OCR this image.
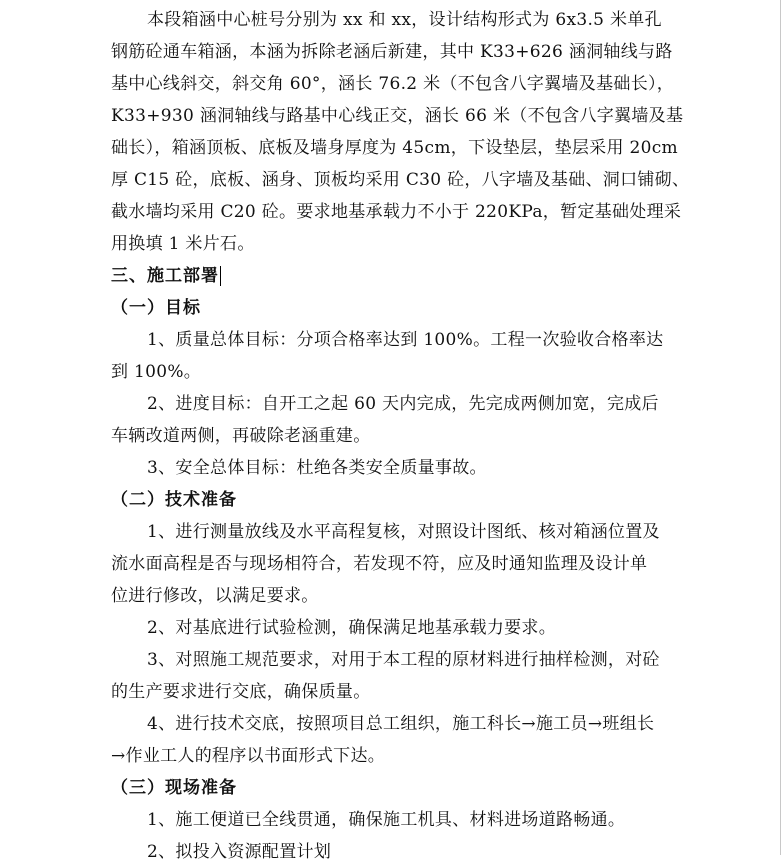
本段箱涵中心桩号分别为 xx 和 xx，设计结构形式为 6x3.5 米单孔
钢筋砼通车箱涵，本涵为拆除老涵后新建，其中 K33+626 涵洞轴线与路
基中心线斜交，斜交角 60°，涵长 76.2 米（不包含八字翼墙及基础长），
K33+930 涵洞轴线与路基中心线正交，涵长 66 米（不包含八字翼墙及基
础长），箱涵顶板、底板及墙身厚度为 45cm，下设垫层，垫层采用 20cm
厚 C15 砼，底板、涵身、顶板均采用 C30 砼，八字墙及基础、洞口铺砌、
截水墙均采用 C20 砼。要求地基承载力不小于 220KPa，暂定基础处理采
用换填 1 米片石。
三、施工部署
（一）目标
1、质量总体目标：分项合格率达到 100%。工程一次验收合格率达
到 100%。
2、进度目标：自开工之起 60 天内完成，先完成两侧加宽，完成后
车辆改道两侧，再破除老涵重建。
3、安全总体目标：杜绝各类安全质量事故。
（二）技术准备
1、进行测量放线及水平高程复核，对照设计图纸、核对箱涵位置及
流水面高程是否与现场相符合，若发现不符，应及时通知监理及设计单
位进行修改，以满足要求。
2、对基底进行试验检测，确保满足地基承载力要求。
3、对照施工规范要求，对用于本工程的原材料进行抽样检测，对砼
的生产要求进行交底，确保质量。
4、进行技术交底，按照项目总工组织，施工科长→施工员→班组长
→作业工人的程序以书面形式下达。
（三）现场准备
1、施工便道已全线贯通，确保施工机具、材料进场道路畅通。
2、拟投入资源配置计划
